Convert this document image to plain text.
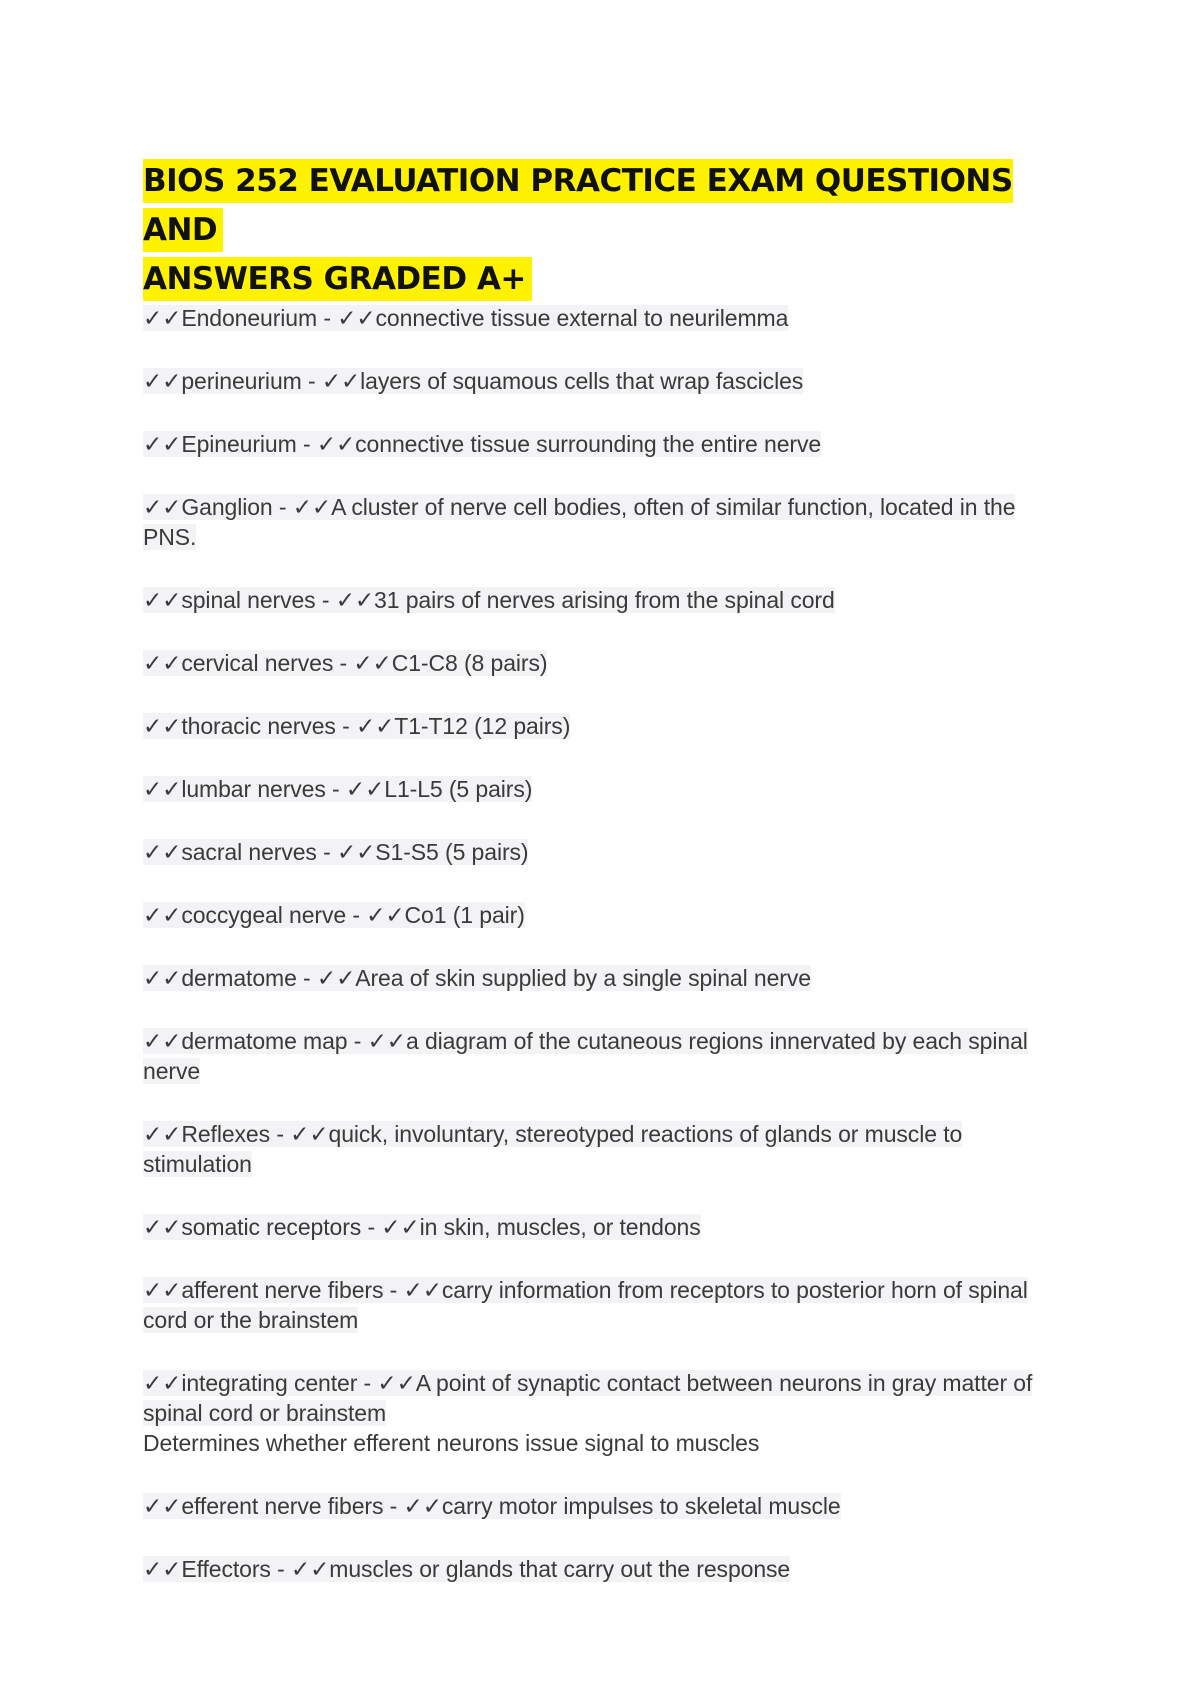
BIOS 252 EVALUATION PRACTICE EXAM QUESTIONS AND
ANSWERS GRADED A+

✓✓Endoneurium - ✓✓connective tissue external to neurilemma

✓✓perineurium - ✓✓layers of squamous cells that wrap fascicles

✓✓Epineurium - ✓✓connective tissue surrounding the entire nerve

✓✓Ganglion - ✓✓A cluster of nerve cell bodies, often of similar function, located in the PNS.

✓✓spinal nerves - ✓✓31 pairs of nerves arising from the spinal cord

✓✓cervical nerves - ✓✓C1-C8 (8 pairs)

✓✓thoracic nerves - ✓✓T1-T12 (12 pairs)

✓✓lumbar nerves - ✓✓L1-L5 (5 pairs)

✓✓sacral nerves - ✓✓S1-S5 (5 pairs)

✓✓coccygeal nerve - ✓✓Co1 (1 pair)

✓✓dermatome - ✓✓Area of skin supplied by a single spinal nerve

✓✓dermatome map - ✓✓a diagram of the cutaneous regions innervated by each spinal nerve

✓✓Reflexes - ✓✓quick, involuntary, stereotyped reactions of glands or muscle to stimulation

✓✓somatic receptors - ✓✓in skin, muscles, or tendons

✓✓afferent nerve fibers - ✓✓carry information from receptors to posterior horn of spinal cord or the brainstem

✓✓integrating center - ✓✓A point of synaptic contact between neurons in gray matter of spinal cord or brainstem
Determines whether efferent neurons issue signal to muscles

✓✓efferent nerve fibers - ✓✓carry motor impulses to skeletal muscle

✓✓Effectors - ✓✓muscles or glands that carry out the response
